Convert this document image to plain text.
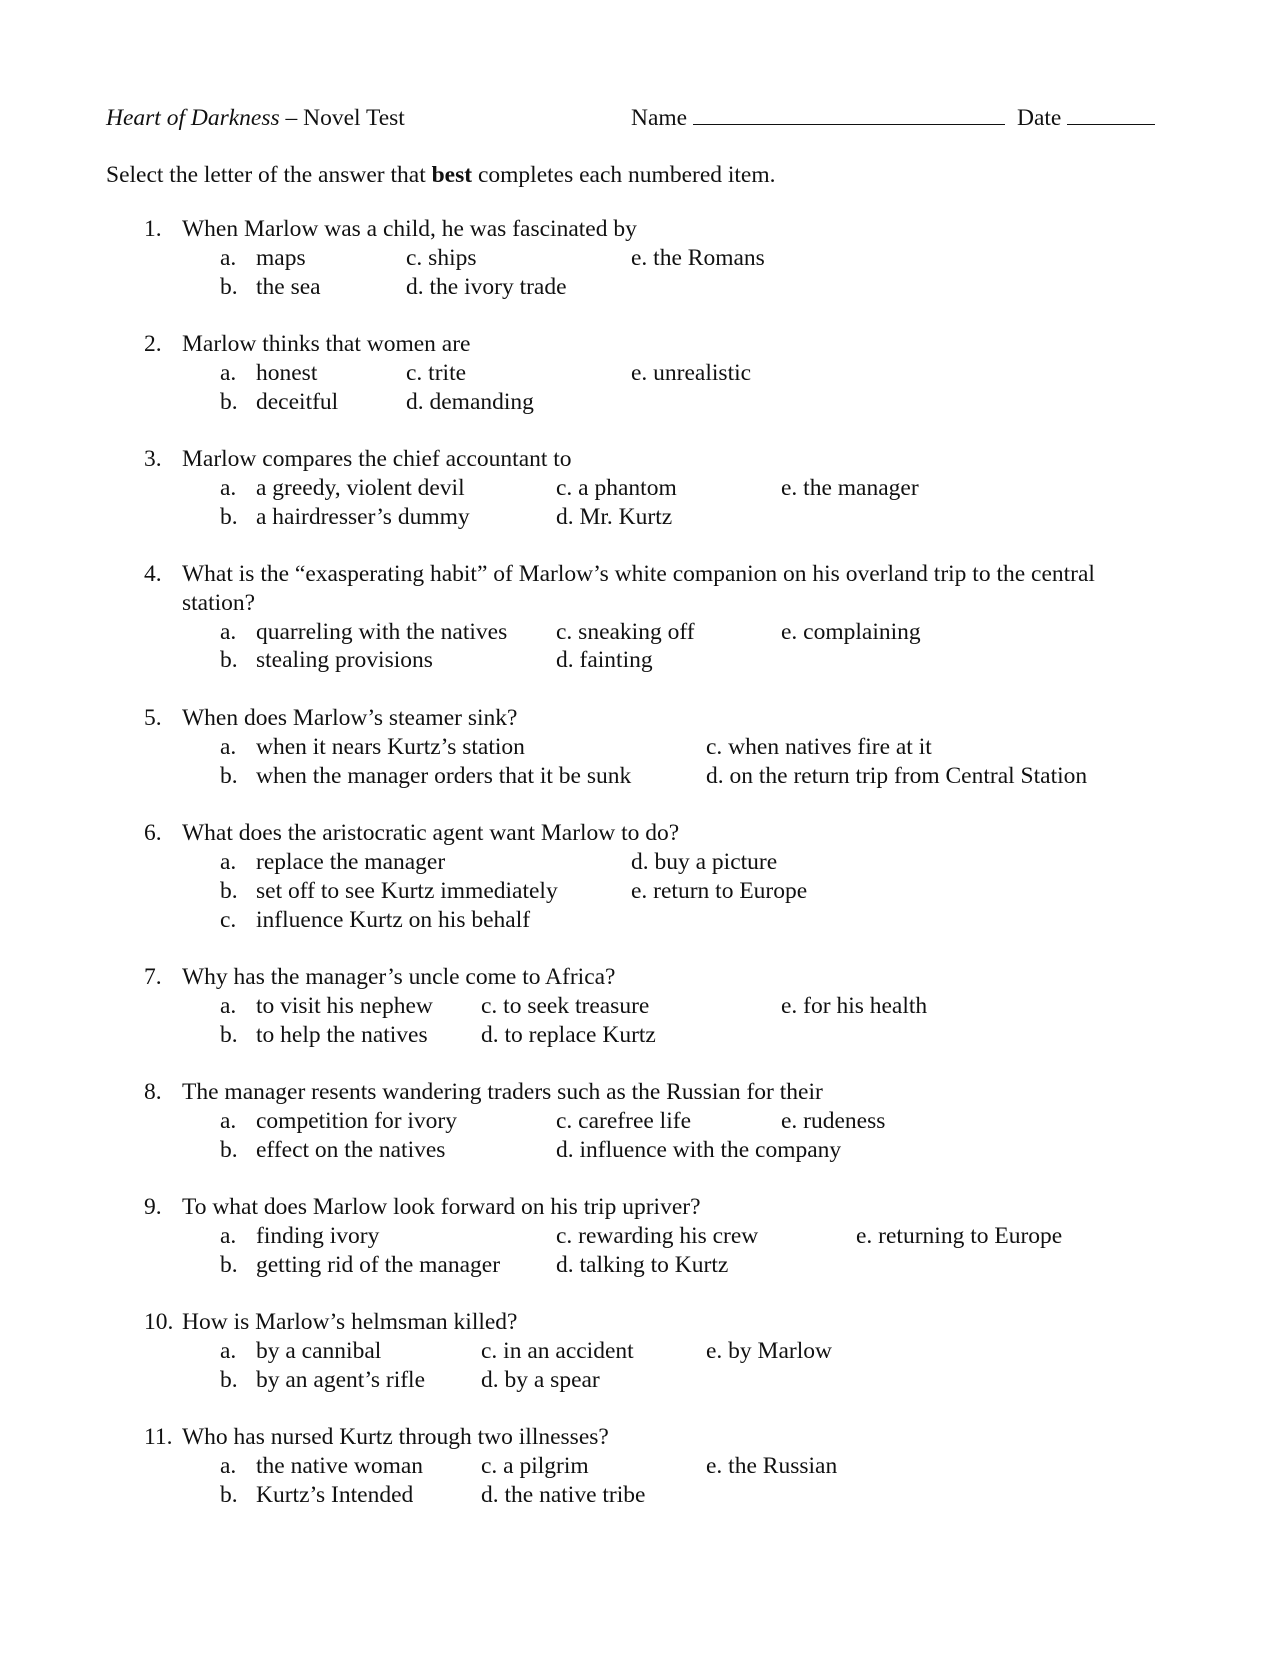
Heart of Darkness – Novel Test	Name	Date
Select the letter of the answer that best completes each numbered item.
1. When Marlow was a child, he was fascinated by
a. maps
b. the sea
c. ships
d. the ivory trade
e. the Romans
2. Marlow thinks that women are
a. honest
b. deceitful
c. trite
d. demanding
e. unrealistic
3. Marlow compares the chief accountant to
a. a greedy, violent devil
b. a hairdresser’s dummy
c. a phantom
d. Mr. Kurtz
e. the manager
4. What is the “exasperating habit” of Marlow’s white companion on his overland trip to the central
station?
a. quarreling with the natives
b. stealing provisions
c. sneaking off
d. fainting
e. complaining
5. When does Marlow’s steamer sink?
a. when it nears Kurtz’s station
b. when the manager orders that it be sunk
c. when natives fire at it
d. on the return trip from Central Station
6. What does the aristocratic agent want Marlow to do?
a. replace the manager
b. set off to see Kurtz immediately
c. influence Kurtz on his behalf
d. buy a picture
e. return to Europe
7. Why has the manager’s uncle come to Africa?
a. to visit his nephew
b. to help the natives
c. to seek treasure
d. to replace Kurtz
e. for his health
8. The manager resents wandering traders such as the Russian for their
a. competition for ivory
b. effect on the natives
c. carefree life
d. influence with the company
e. rudeness
9. To what does Marlow look forward on his trip upriver?
a. finding ivory
b. getting rid of the manager
c. rewarding his crew
d. talking to Kurtz
e. returning to Europe
10. How is Marlow’s helmsman killed?
a. by a cannibal
b. by an agent’s rifle
c. in an accident
d. by a spear
e. by Marlow
11. Who has nursed Kurtz through two illnesses?
a. the native woman
b. Kurtz’s Intended
c. a pilgrim
d. the native tribe
e. the Russian
